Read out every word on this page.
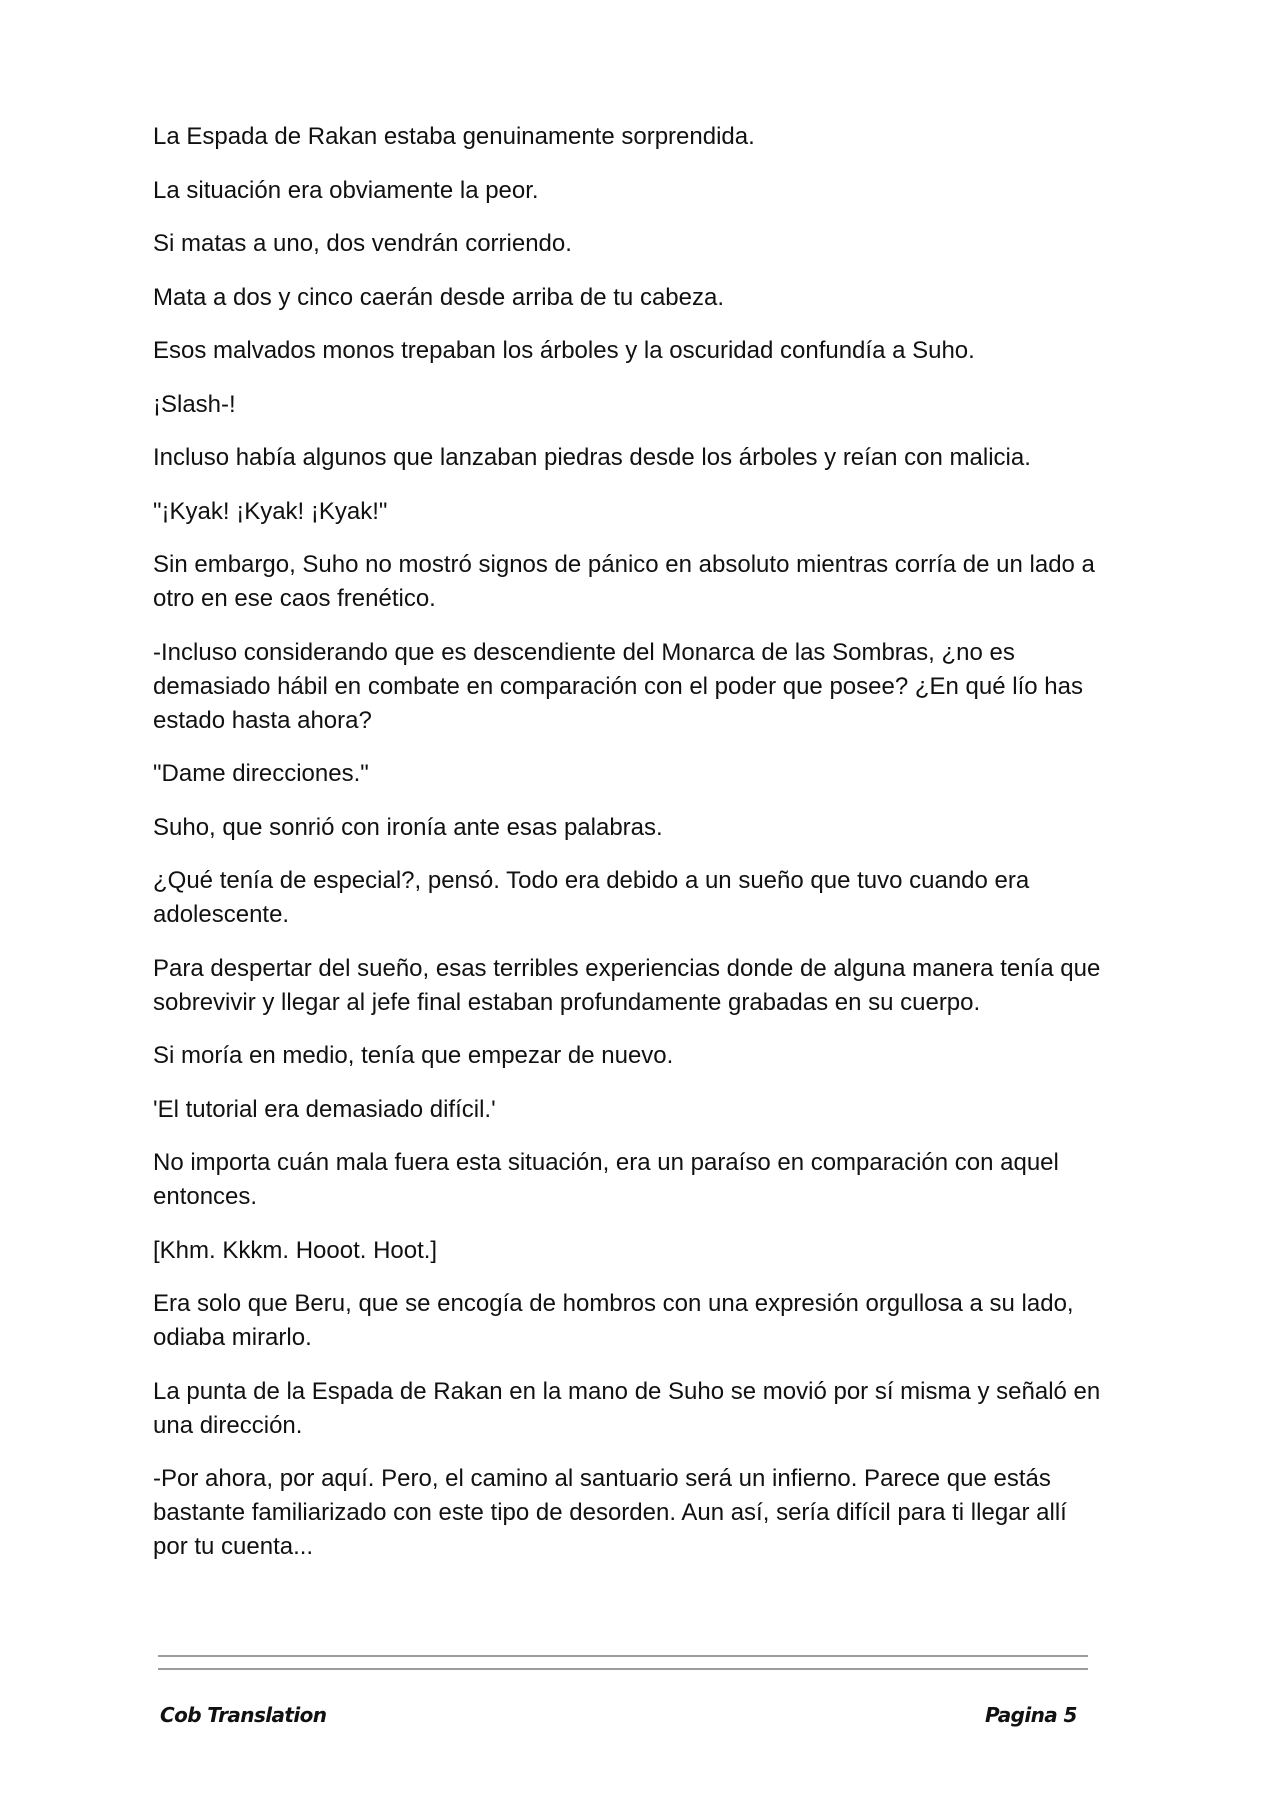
La Espada de Rakan estaba genuinamente sorprendida.

La situación era obviamente la peor.

Si matas a uno, dos vendrán corriendo.

Mata a dos y cinco caerán desde arriba de tu cabeza.

Esos malvados monos trepaban los árboles y la oscuridad confundía a Suho.

¡Slash-!

Incluso había algunos que lanzaban piedras desde los árboles y reían con malicia.

"¡Kyak! ¡Kyak! ¡Kyak!"

Sin embargo, Suho no mostró signos de pánico en absoluto mientras corría de un lado a otro en ese caos frenético.

-Incluso considerando que es descendiente del Monarca de las Sombras, ¿no es demasiado hábil en combate en comparación con el poder que posee? ¿En qué lío has estado hasta ahora?

"Dame direcciones."

Suho, que sonrió con ironía ante esas palabras.

¿Qué tenía de especial?, pensó. Todo era debido a un sueño que tuvo cuando era adolescente.

Para despertar del sueño, esas terribles experiencias donde de alguna manera tenía que sobrevivir y llegar al jefe final estaban profundamente grabadas en su cuerpo.

Si moría en medio, tenía que empezar de nuevo.

'El tutorial era demasiado difícil.'

No importa cuán mala fuera esta situación, era un paraíso en comparación con aquel entonces.

[Khm. Kkkm. Hooot. Hoot.]

Era solo que Beru, que se encogía de hombros con una expresión orgullosa a su lado, odiaba mirarlo.

La punta de la Espada de Rakan en la mano de Suho se movió por sí misma y señaló en una dirección.

-Por ahora, por aquí. Pero, el camino al santuario será un infierno. Parece que estás bastante familiarizado con este tipo de desorden. Aun así, sería difícil para ti llegar allí por tu cuenta...

Cob Translation	Pagina 5
